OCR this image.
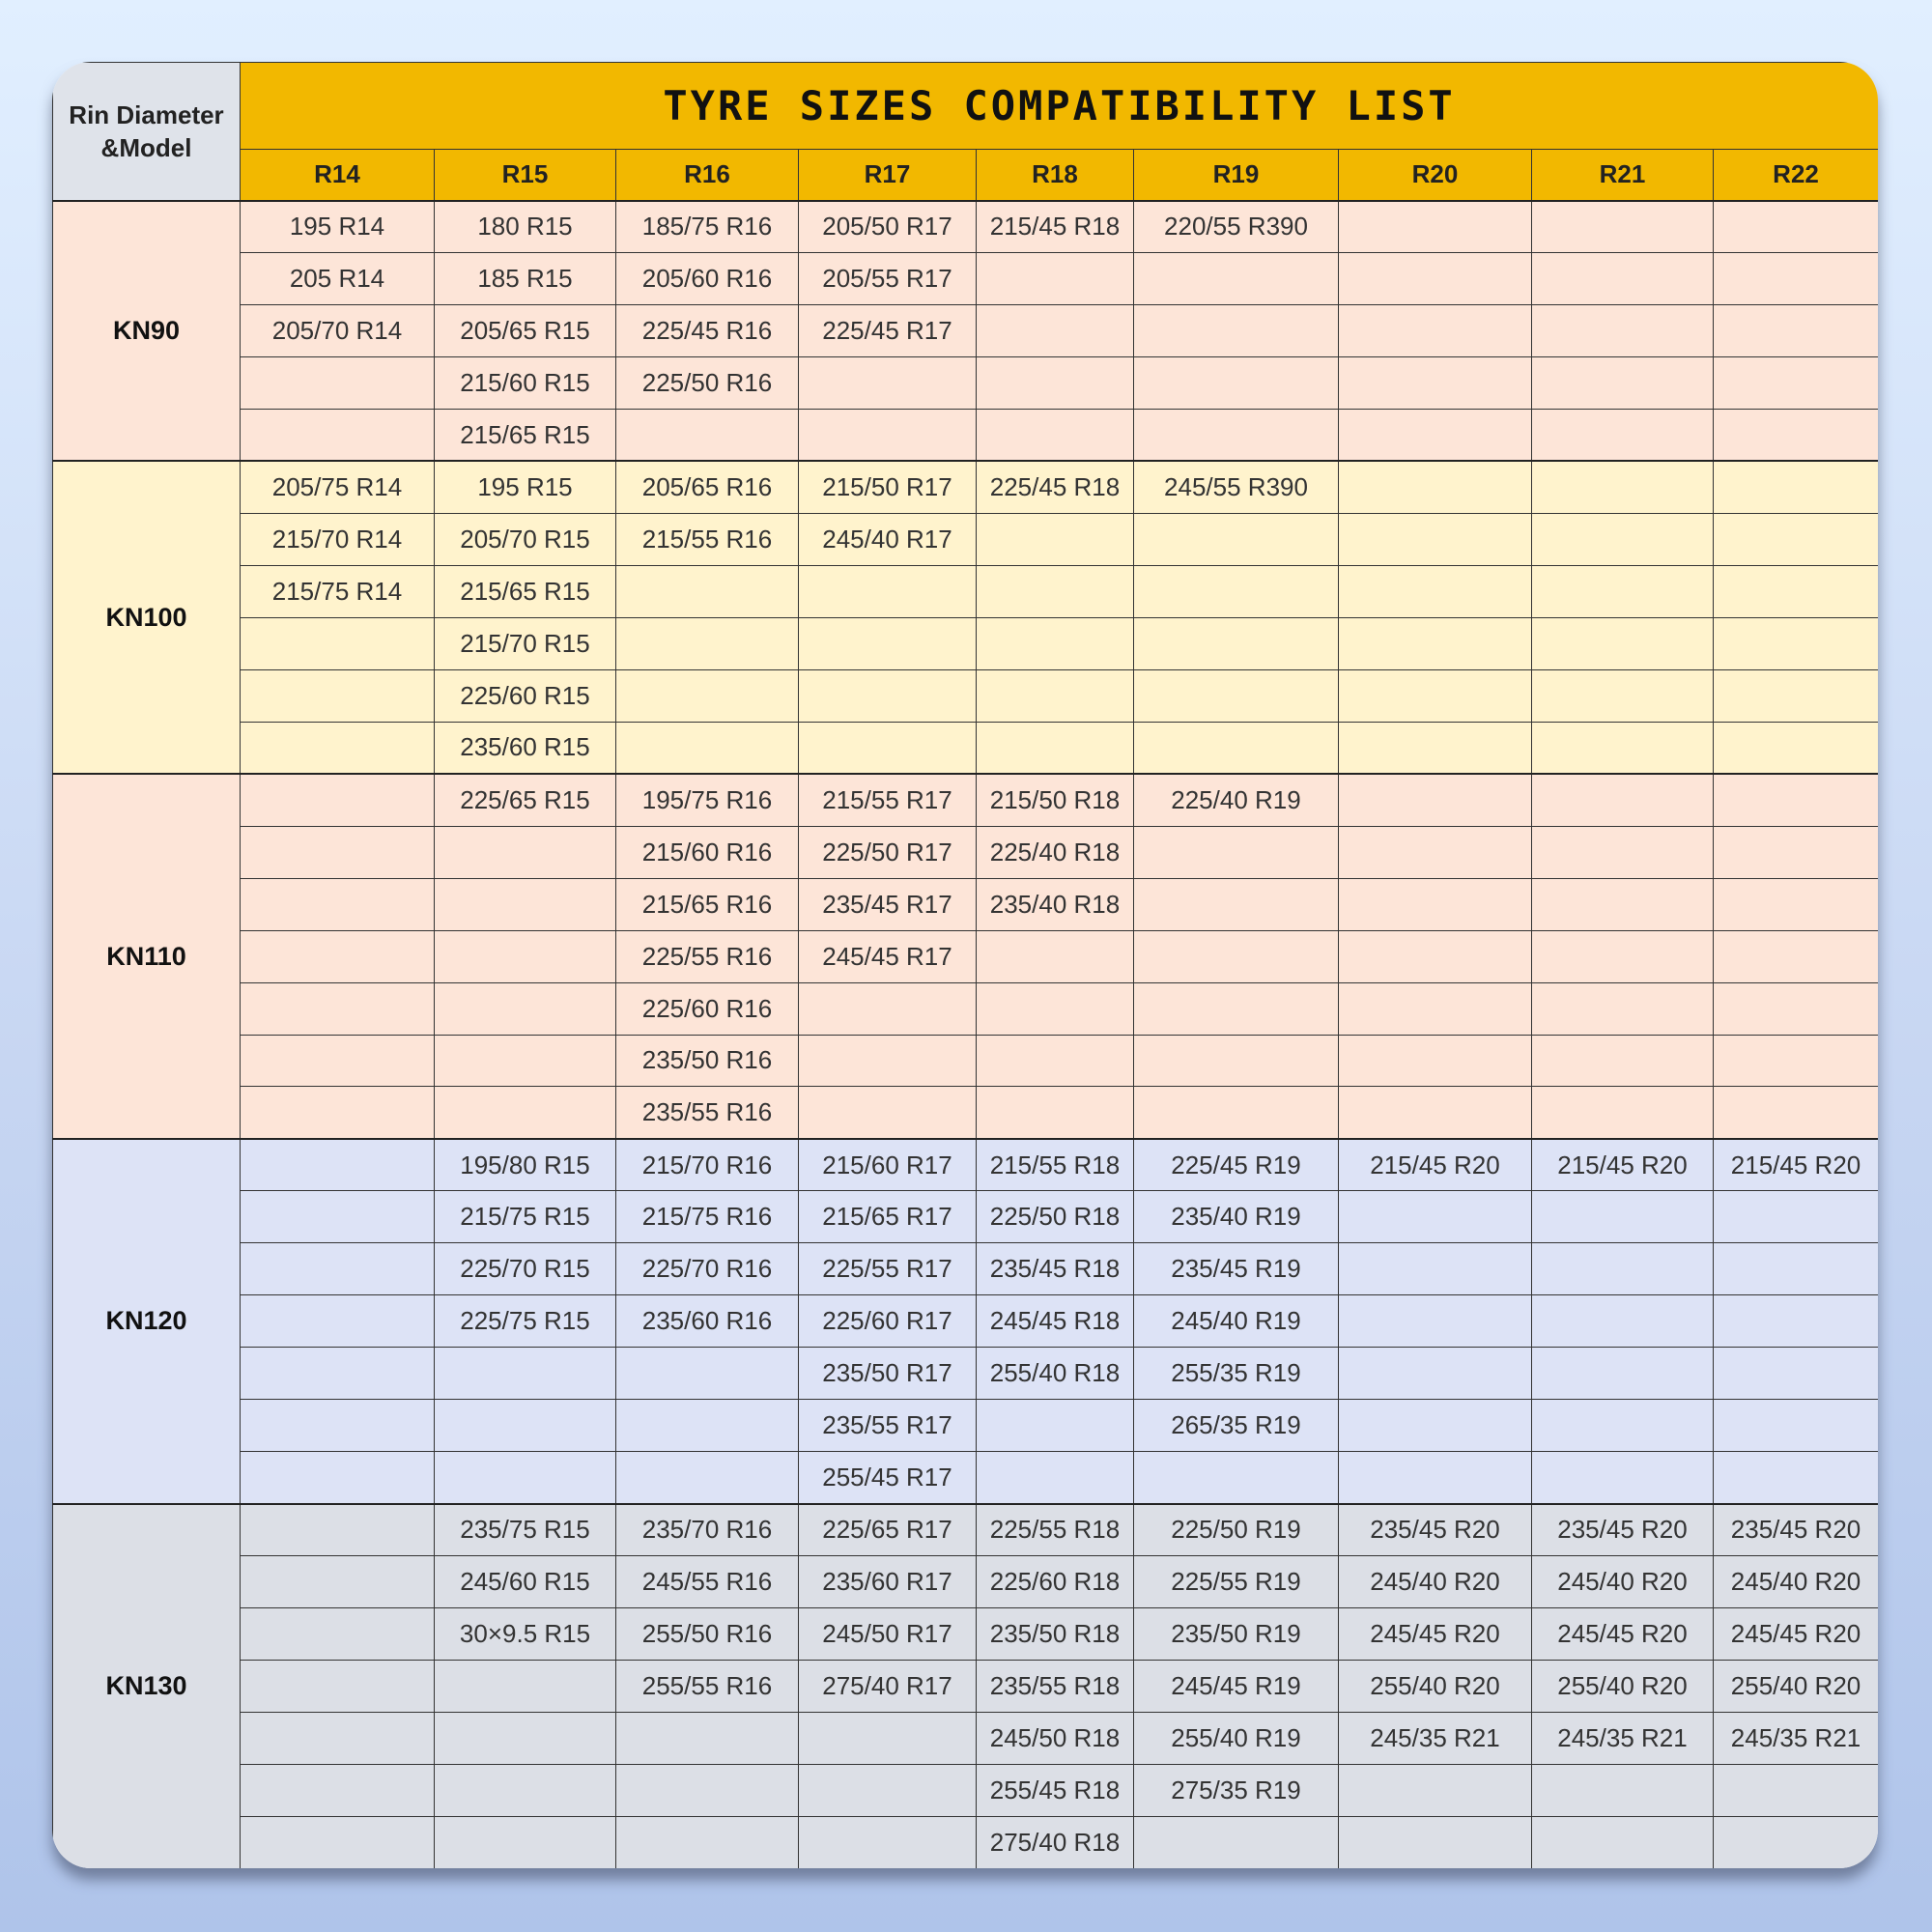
Rin Diameter &Model	TYRE SIZES COMPATIBILITY LIST								
	R14	R15	R16	R17	R18	R19	R20	R21	R22
KN90	195 R14	180 R15	185/75 R16	205/50 R17	215/45 R18	220/55 R390			
	205 R14	185 R15	205/60 R16	205/55 R17					
	205/70 R14	205/65 R15	225/45 R16	225/45 R17					
		215/60 R15	225/50 R16						
		215/65 R15							
KN100	205/75 R14	195 R15	205/65 R16	215/50 R17	225/45 R18	245/55 R390			
	215/70 R14	205/70 R15	215/55 R16	245/40 R17					
	215/75 R14	215/65 R15							
		215/70 R15							
		225/60 R15							
		235/60 R15							
KN110		225/65 R15	195/75 R16	215/55 R17	215/50 R18	225/40 R19			
			215/60 R16	225/50 R17	225/40 R18				
			215/65 R16	235/45 R17	235/40 R18				
			225/55 R16	245/45 R17					
			225/60 R16						
			235/50 R16						
			235/55 R16						
KN120		195/80 R15	215/70 R16	215/60 R17	215/55 R18	225/45 R19	215/45 R20	215/45 R20	215/45 R20
		215/75 R15	215/75 R16	215/65 R17	225/50 R18	235/40 R19			
		225/70 R15	225/70 R16	225/55 R17	235/45 R18	235/45 R19			
		225/75 R15	235/60 R16	225/60 R17	245/45 R18	245/40 R19			
				235/50 R17	255/40 R18	255/35 R19			
				235/55 R17		265/35 R19			
				255/45 R17					
KN130		235/75 R15	235/70 R16	225/65 R17	225/55 R18	225/50 R19	235/45 R20	235/45 R20	235/45 R20
		245/60 R15	245/55 R16	235/60 R17	225/60 R18	225/55 R19	245/40 R20	245/40 R20	245/40 R20
		30×9.5 R15	255/50 R16	245/50 R17	235/50 R18	235/50 R19	245/45 R20	245/45 R20	245/45 R20
			255/55 R16	275/40 R17	235/55 R18	245/45 R19	255/40 R20	255/40 R20	255/40 R20
					245/50 R18	255/40 R19	245/35 R21	245/35 R21	245/35 R21
					255/45 R18	275/35 R19			
					275/40 R18				
